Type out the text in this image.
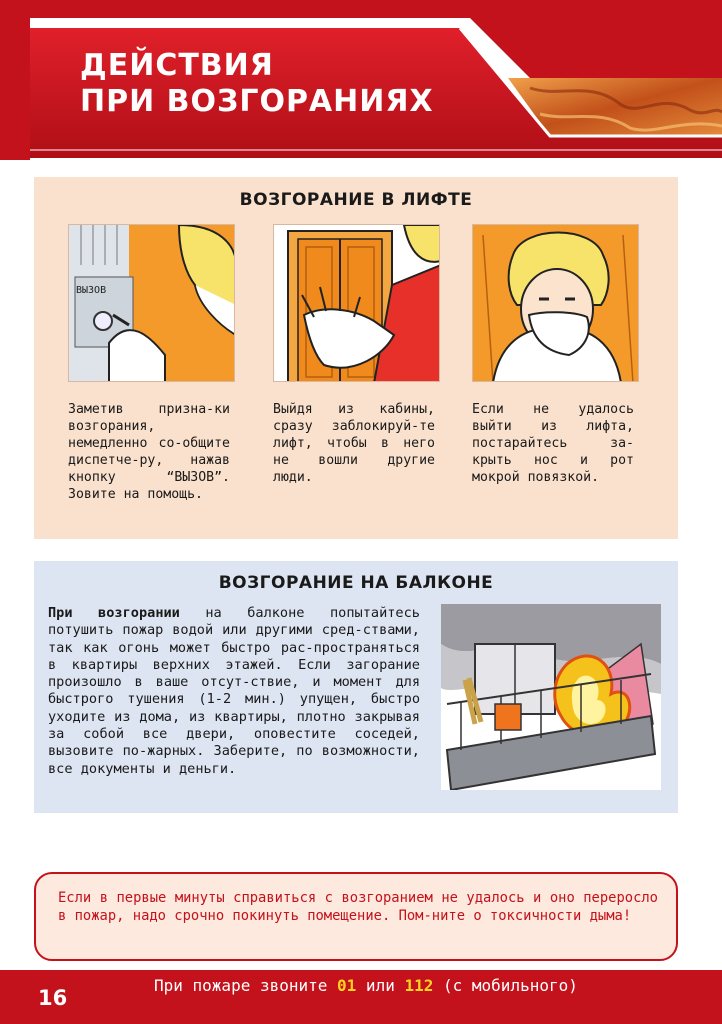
ДЕЙСТВИЯ
ПРИ ВОЗГОРАНИЯХ
ВОЗГОРАНИЕ В ЛИФТЕ
ВЫЗОВ
Заметив призна-ки возгорания, немедленно со-общите диспетче-ру, нажав кнопку “ВЫЗОВ”. Зовите на помощь.
Выйдя из кабины, сразу заблокируй-те лифт, чтобы в него не вошли другие люди.
Если не удалось выйти из лифта, постарайтесь за-крыть нос и рот мокрой повязкой.
ВОЗГОРАНИЕ НА БАЛКОНЕ
При возгорании на балконе попытайтесь потушить пожар водой или другими сред-ствами, так как огонь может быстро рас-пространяться в квартиры верхних этажей. Если загорание произошло в ваше отсут-ствие, и момент для быстрого тушения (1-2 мин.) упущен, быстро уходите из дома, из квартиры, плотно закрывая за собой все двери, оповестите соседей, вызовите по-жарных. Заберите, по возможности, все документы и деньги.
Если в первые минуты справиться с возгоранием не удалось и оно переросло в пожар, надо срочно покинуть помещение. Пом-ните о токсичности дыма!
16
При пожаре звоните 01 или 112 (с мобильного)
